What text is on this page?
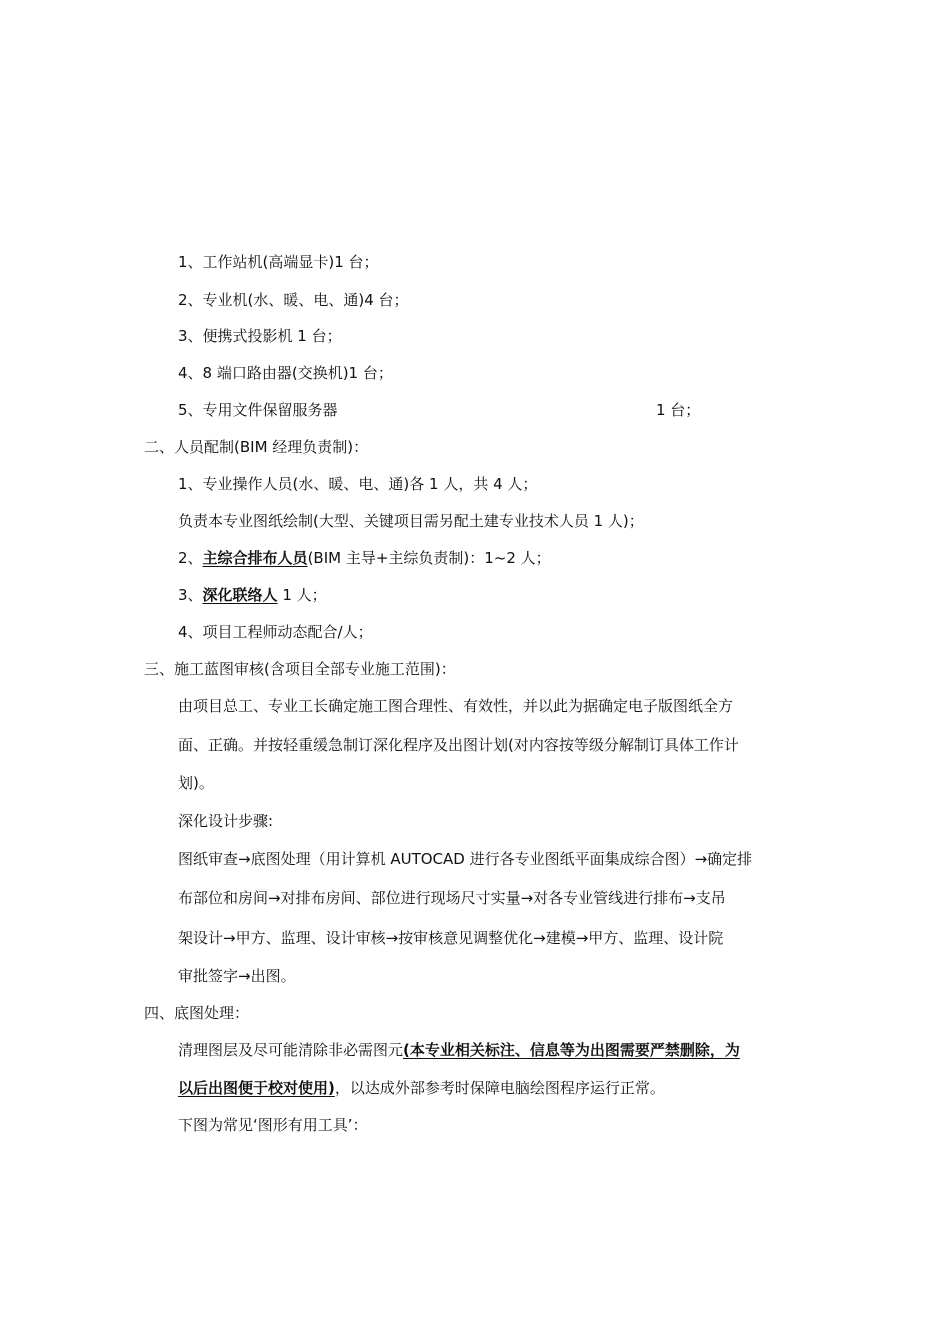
1、工作站机(高端显卡)1 台；
2、专业机(水、暖、电、通)4 台；
3、便携式投影机 1 台；
4、8 端口路由器(交换机)1 台；
5、专用文件保留服务器	1 台；
二、人员配制(BIM 经理负责制)：
1、专业操作人员(水、暖、电、通)各 1 人，共 4 人；
负责本专业图纸绘制(大型、关键项目需另配土建专业技术人员 1 人)；
2、主综合排布人员(BIM 主导+主综负责制)：1~2 人；
3、深化联络人 1 人；
4、项目工程师动态配合/人；
三、施工蓝图审核(含项目全部专业施工范围)：
由项目总工、专业工长确定施工图合理性、有效性，并以此为据确定电子版图纸全方
面、正确。并按轻重缓急制订深化程序及出图计划(对内容按等级分解制订具体工作计
划)。
深化设计步骤:
图纸审查→底图处理（用计算机 AUTOCAD 进行各专业图纸平面集成综合图）→确定排
布部位和房间→对排布房间、部位进行现场尺寸实量→对各专业管线进行排布→支吊
架设计→甲方、监理、设计审核→按审核意见调整优化→建模→甲方、监理、设计院
审批签字→出图。
四、底图处理：
清理图层及尽可能清除非必需图元(本专业相关标注、信息等为出图需要严禁删除，为
以后出图便于校对使用)，以达成外部参考时保障电脑绘图程序运行正常。
下图为常见‘图形有用工具’：
